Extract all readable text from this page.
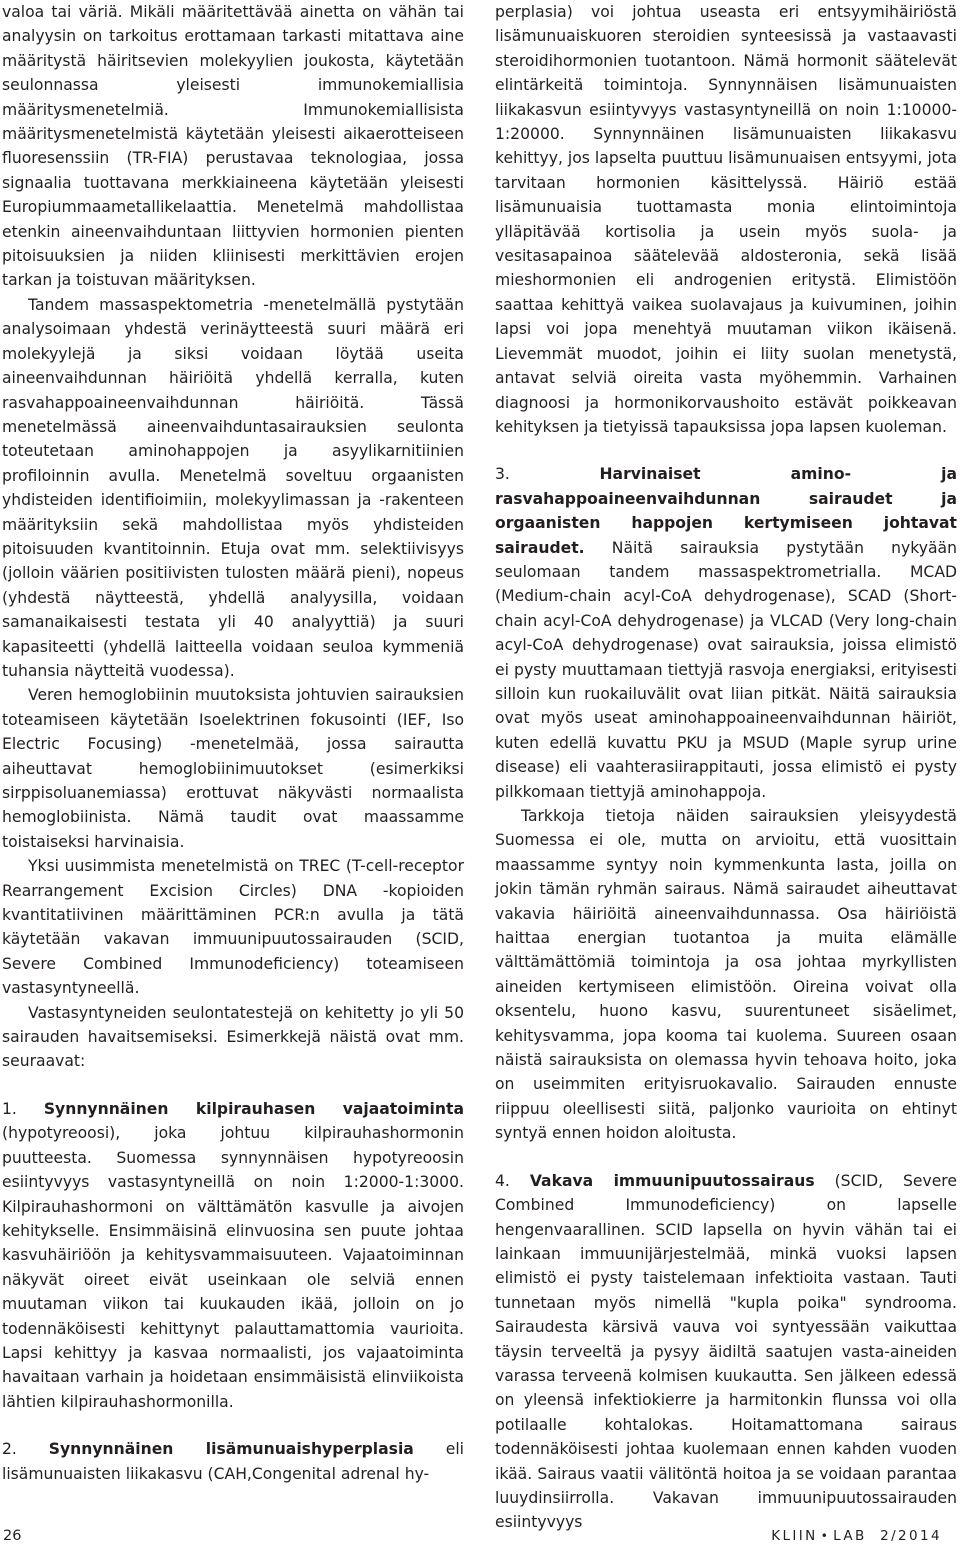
valoa tai väriä. Mikäli määritettävää ainetta on vähän tai analyysin on tarkoitus erottamaan tarkasti mitattava aine määritystä häiritsevien molekyylien joukosta, käytetään seulonnassa yleisesti immunokemiallisia määritysmenetelmiä. Immunokemiallisista määritysmenetelmistä käytetään yleisesti aikaerotteiseen fluoresenssiin (TR-FIA) perustavaa teknologiaa, jossa signaalia tuottavana merkkiaineena käytetään yleisesti Europiummaametallikelaattia. Menetelmä mahdollistaa etenkin aineenvaihduntaan liittyvien hormonien pienten pitoisuuksien ja niiden kliinisesti merkittävien erojen tarkan ja toistuvan määrityksen.

Tandem massaspektometria -menetelmällä pystytään analysoimaan yhdestä verinäytteestä suuri määrä eri molekyylejä ja siksi voidaan löytää useita aineenvaihdunnan häiriöitä yhdellä kerralla, kuten rasvahappoaineenvaihdunnan häiriöitä. Tässä menetelmässä aineenvaihduntasairauksien seulonta toteutetaan aminohappojen ja asyylikarnitiinien profiloinnin avulla. Menetelmä soveltuu orgaanisten yhdisteiden identifioimiin, molekyylimassan ja -rakenteen määrityksiin sekä mahdollistaa myös yhdisteiden pitoisuuden kvantitoinnin. Etuja ovat mm. selektiivisyys (jolloin väärien positiivisten tulosten määrä pieni), nopeus (yhdestä näytteestä, yhdellä analyysilla, voidaan samanaikaisesti testata yli 40 analyyttiä) ja suuri kapasiteetti (yhdellä laitteella voidaan seuloa kymmeniä tuhansia näytteitä vuodessa).

Veren hemoglobiinin muutoksista johtuvien sairauksien toteamiseen käytetään Isoelektrinen fokusointi (IEF, Iso Electric Focusing) -menetelmää, jossa sairautta aiheuttavat hemoglobiinimuutokset (esimerkiksi sirppisoluanemiassa) erottuvat näkyvästi normaalista hemoglobiinista. Nämä taudit ovat maassamme toistaiseksi harvinaisia.

Yksi uusimmista menetelmistä on TREC (T-cell-receptor Rearrangement Excision Circles) DNA -kopioiden kvantitatiivinen määrittäminen PCR:n avulla ja tätä käytetään vakavan immuunipuutossairauden (SCID, Severe Combined Immunodeficiency) toteamiseen vastasyntyneellä.

Vastasyntyneiden seulontatestejä on kehitetty jo yli 50 sairauden havaitsemiseksi. Esimerkkejä näistä ovat mm. seuraavat:

1. Synnynnäinen kilpirauhasen vajaatoiminta (hypotyreoosi), joka johtuu kilpirauhashormonin puutteesta. Suomessa synnynnäisen hypotyreoosin esiintyvyys vastasyntyneillä on noin 1:2000-1:3000. Kilpirauhashormoni on välttämätön kasvulle ja aivojen kehitykselle. Ensimmäisinä elinvuosina sen puute johtaa kasvuhäiriöön ja kehitysvammaisuuteen. Vajaatoiminnan näkyvät oireet eivät useinkaan ole selviä ennen muutaman viikon tai kuukauden ikää, jolloin on jo todennäköisesti kehittynyt palauttamattomia vaurioita. Lapsi kehittyy ja kasvaa normaalisti, jos vajaatoiminta havaitaan varhain ja hoidetaan ensimmäisistä elinviikoista lähtien kilpirauhashormonilla.

2. Synnynnäinen lisämunuaishyperplasia eli lisämunuaisten liikakasvu (CAH,Congenital adrenal hy-

perplasia) voi johtua useasta eri entsyymihäiriöstä lisämunuaiskuoren steroidien synteesissä ja vastaavasti steroidihormonien tuotantoon. Nämä hormonit säätelevät elintärkeitä toimintoja. Synnynnäisen lisämunuaisten liikakasvun esiintyvyys vastasyntyneillä on noin 1:10000-1:20000. Synnynnäinen lisämunuaisten liikakasvu kehittyy, jos lapselta puuttuu lisämunuaisen entsyymi, jota tarvitaan hormonien käsittelyssä. Häiriö estää lisämunuaisia tuottamasta monia elintoimintoja ylläpitävää kortisolia ja usein myös suola- ja vesitasapainoa säätelevää aldosteronia, sekä lisää mieshormonien eli androgenien eritystä. Elimistöön saattaa kehittyä vaikea suolavajaus ja kuivuminen, joihin lapsi voi jopa menehtyä muutaman viikon ikäisenä. Lievemmät muodot, joihin ei liity suolan menetystä, antavat selviä oireita vasta myöhemmin. Varhainen diagnoosi ja hormonikorvaushoito estävät poikkeavan kehityksen ja tietyissä tapauksissa jopa lapsen kuoleman.

3.	Harvinaiset amino- ja rasvahappoaineenvaihdunnan sairaudet ja orgaanisten happojen kertymiseen johtavat sairaudet. Näitä sairauksia pystytään nykyään seulomaan tandem massaspektrometrialla. MCAD (Medium-chain acyl-CoA dehydrogenase), SCAD (Short-chain acyl-CoA dehydrogenase) ja VLCAD (Very long-chain acyl-CoA dehydrogenase) ovat sairauksia, joissa elimistö ei pysty muuttamaan tiettyjä rasvoja energiaksi, erityisesti silloin kun ruokailuvälit ovat liian pitkät. Näitä sairauksia ovat myös useat aminohappoaineenvaihdunnan häiriöt, kuten edellä kuvattu PKU ja MSUD (Maple syrup urine disease) eli vaahterasiirappitauti, jossa elimistö ei pysty pilkkomaan tiettyjä aminohappoja.

Tarkkoja tietoja näiden sairauksien yleisyydestä Suomessa ei ole, mutta on arvioitu, että vuosittain maassamme syntyy noin kymmenkunta lasta, joilla on jokin tämän ryhmän sairaus. Nämä sairaudet aiheuttavat vakavia häiriöitä aineenvaihdunnassa. Osa häiriöistä haittaa energian tuotantoa ja muita elämälle välttämättömiä toimintoja ja osa johtaa myrkyllisten aineiden kertymiseen elimistöön. Oireina voivat olla oksentelu, huono kasvu, suurentuneet sisäelimet, kehitysvamma, jopa kooma tai kuolema. Suureen osaan näistä sairauksista on olemassa hyvin tehoava hoito, joka on useimmiten erityisruokavalio. Sairauden ennuste riippuu oleellisesti siitä, paljonko vaurioita on ehtinyt syntyä ennen hoidon aloitusta.

4. Vakava immuunipuutossairaus (SCID, Severe Combined Immunodeficiency) on lapselle hengenvaarallinen. SCID lapsella on hyvin vähän tai ei lainkaan immuunijärjestelmää, minkä vuoksi lapsen elimistö ei pysty taistelemaan infektioita vastaan. Tauti tunnetaan myös nimellä "kupla poika" syndrooma. Sairaudesta kärsivä vauva voi syntyessään vaikuttaa täysin terveeltä ja pysyy äidiltä saatujen vasta-aineiden varassa terveenä kolmisen kuukautta. Sen jälkeen edessä on yleensä infektiokierre ja harmitonkin flunssa voi olla potilaalle kohtalokas. Hoitamattomana sairaus todennäköisesti johtaa kuolemaan ennen kahden vuoden ikää. Sairaus vaatii välitöntä hoitoa ja se voidaan parantaa luuydinsiirrolla. Vakavan immuunipuutossairauden esiintyvyys

26	KLIIN • LAB 2/2014
